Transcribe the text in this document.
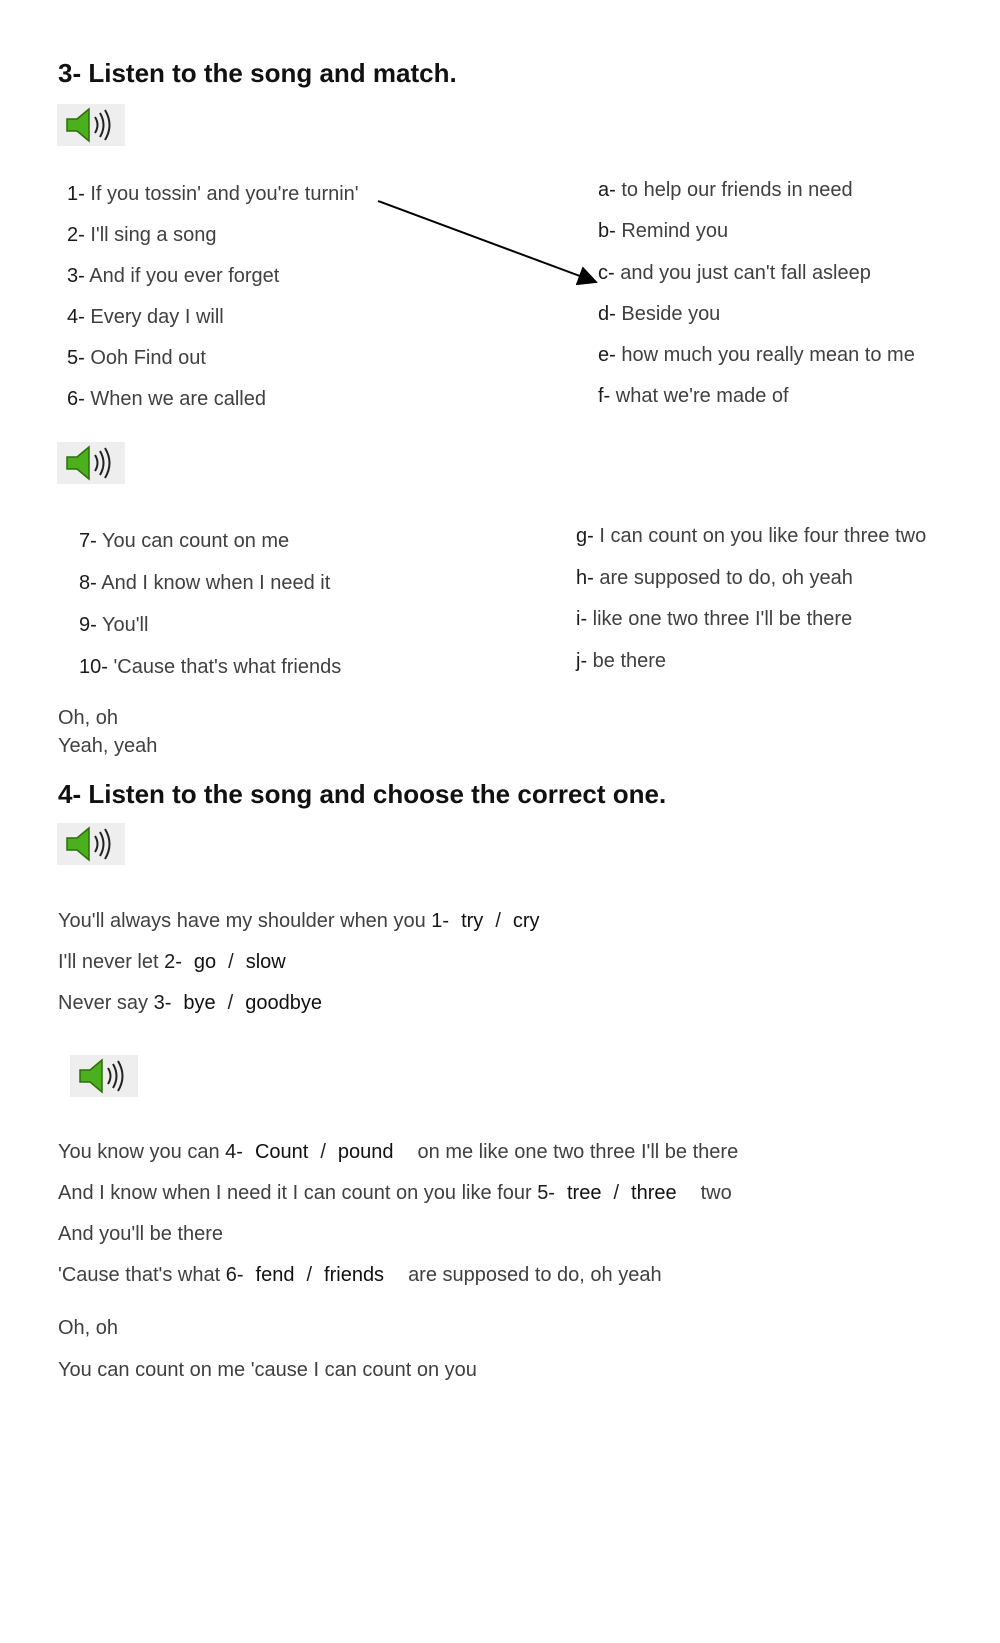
3- Listen to the song and match.
1- If you tossin' and you're turnin'
2- I'll sing a song
3- And if you ever forget
4- Every day I will
5- Ooh Find out
6- When we are called
a- to help our friends in need
b- Remind you
c- and you just can't fall asleep
d- Beside you
e- how much you really mean to me
f- what we're made of
7- You can count on me
8- And I know when I need it
9- You'll
10- 'Cause that's what friends
g- I can count on you like four three two
h- are supposed to do, oh yeah
i- like one two three I'll be there
j- be there
Oh, oh
Yeah, yeah
4- Listen to the song and choose the correct one.
You'll always have my shoulder when you 1- try / cry
I'll never let 2- go / slow
Never say 3- bye / goodbye
You know you can 4- Count / pound on me like one two three I'll be there
And I know when I need it I can count on you like four 5- tree / three two
And you'll be there
'Cause that's what 6- fend / friends are supposed to do, oh yeah
Oh, oh
You can count on me 'cause I can count on you
